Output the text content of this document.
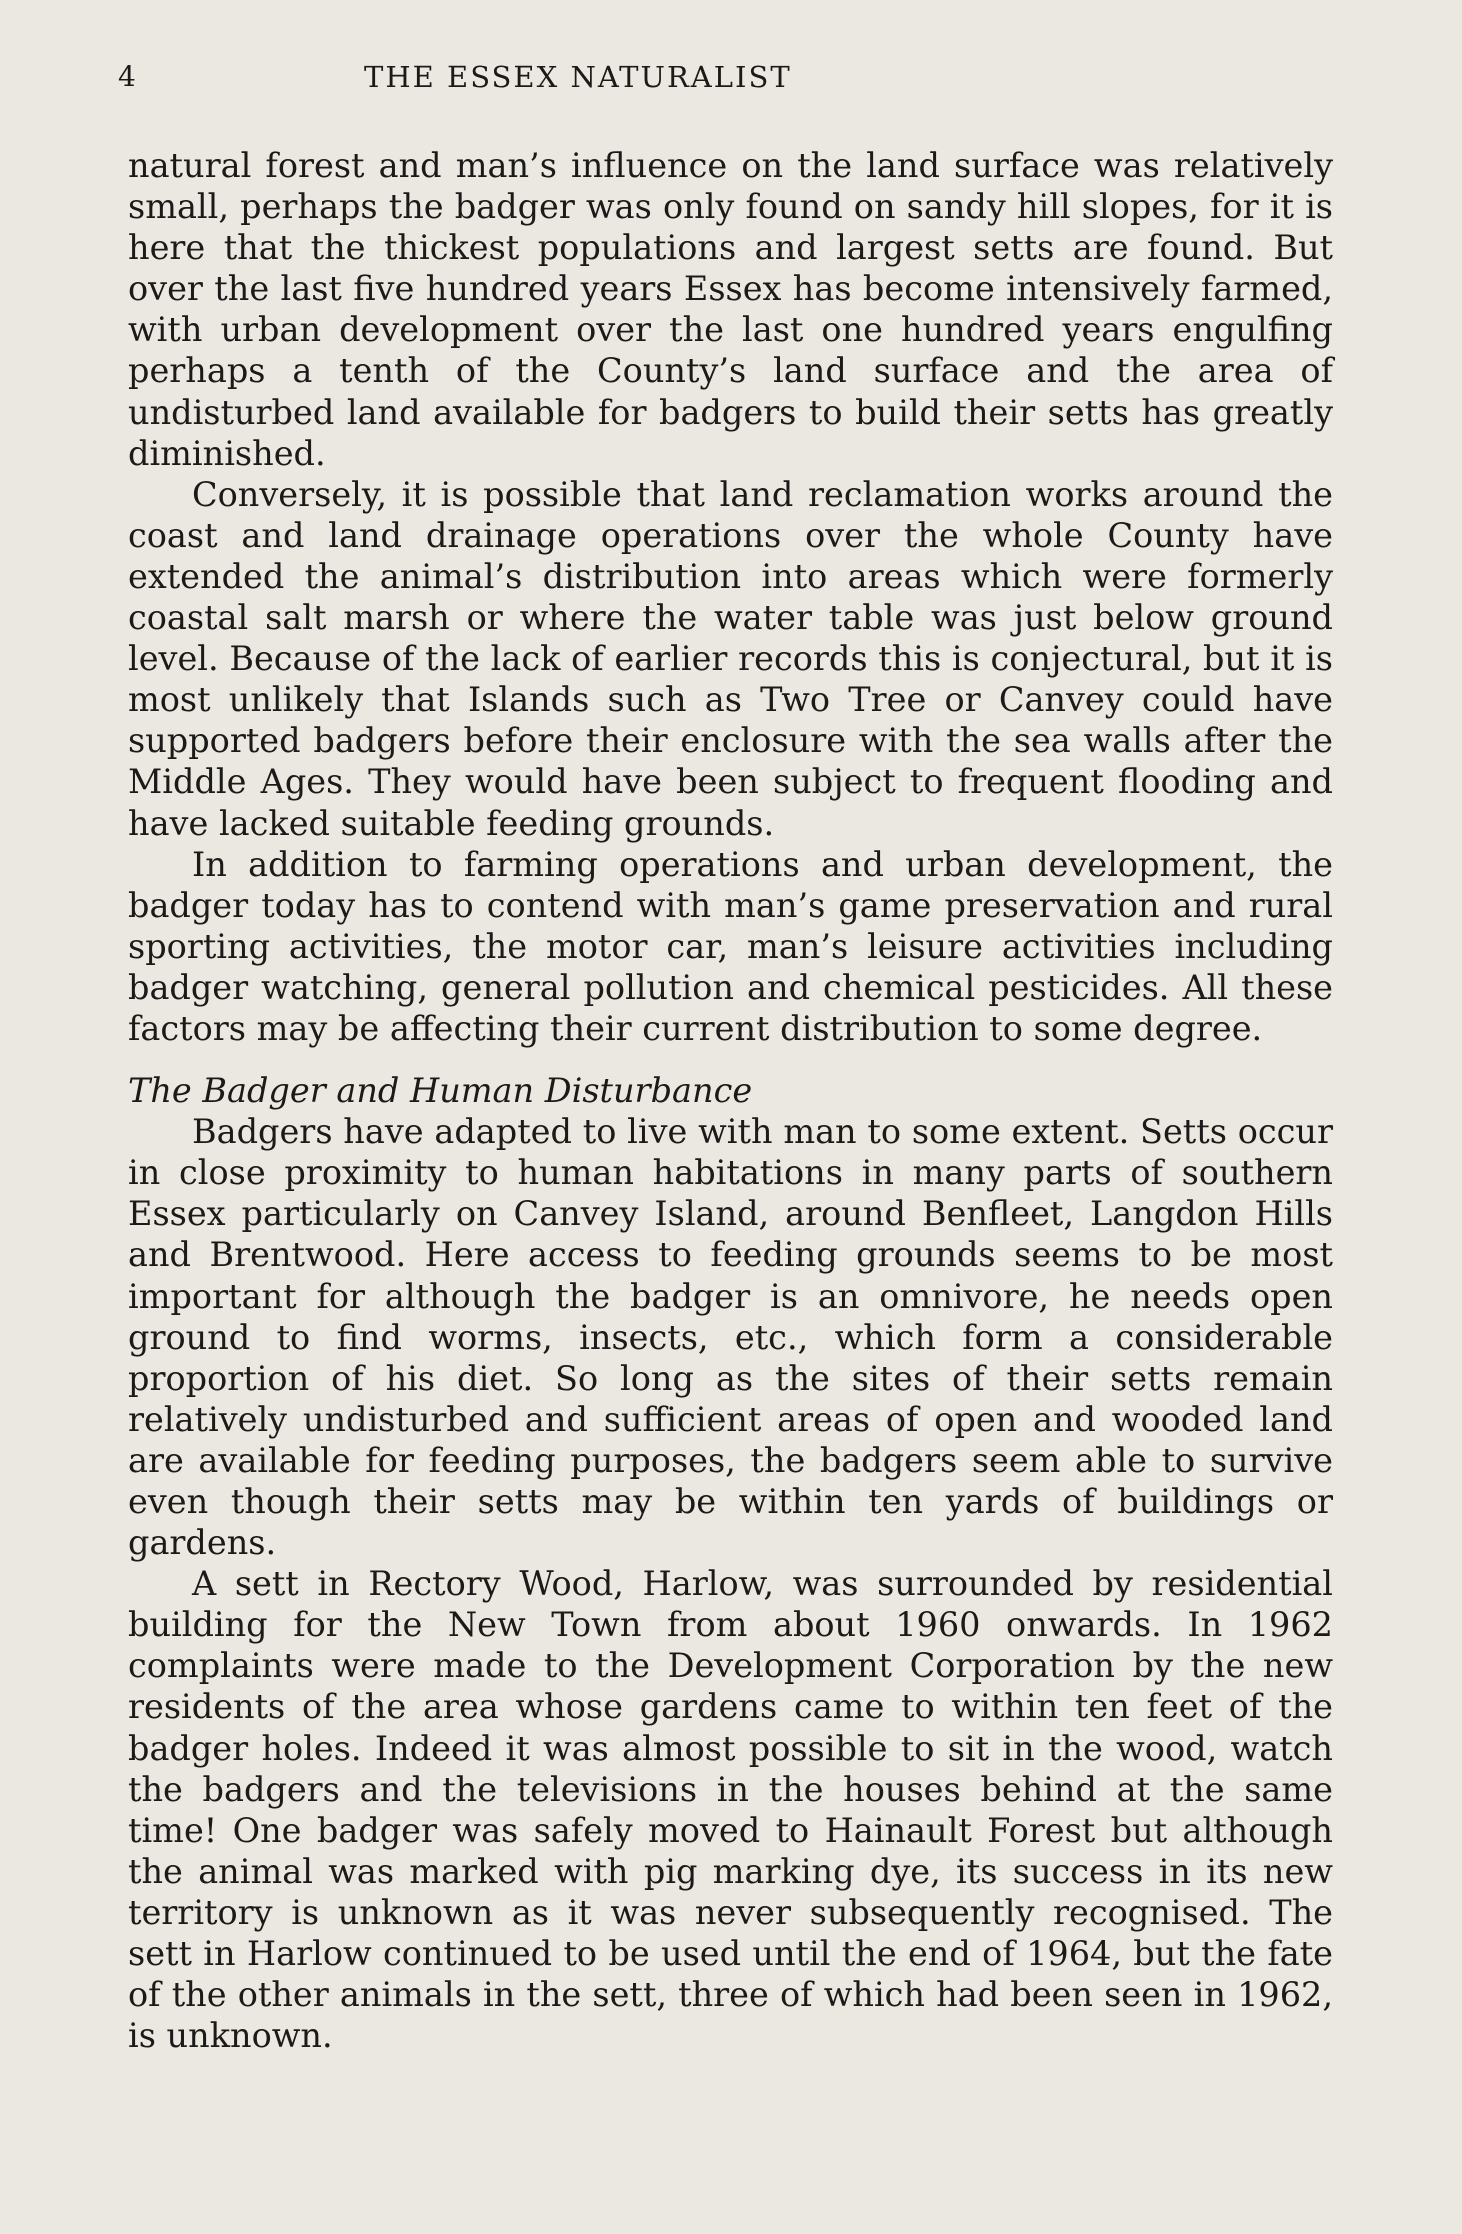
4	THE ESSEX NATURALIST

natural forest and man’s influence on the land surface was relatively small, perhaps the badger was only found on sandy hill slopes, for it is here that the thickest populations and largest setts are found. But over the last five hundred years Essex has become intensively farmed, with urban development over the last one hundred years engulfing perhaps a tenth of the County’s land surface and the area of undisturbed land available for badgers to build their setts has greatly diminished.

Conversely, it is possible that land reclamation works around the coast and land drainage operations over the whole County have extended the animal’s distribution into areas which were formerly coastal salt marsh or where the water table was just below ground level. Because of the lack of earlier records this is conjectural, but it is most unlikely that Islands such as Two Tree or Canvey could have supported badgers before their enclosure with the sea walls after the Middle Ages. They would have been subject to frequent flooding and have lacked suitable feeding grounds.

In addition to farming operations and urban development, the badger today has to contend with man’s game preservation and rural sporting activities, the motor car, man’s leisure activities including badger watching, general pollution and chemical pesticides. All these factors may be affecting their current distribution to some degree.

The Badger and Human Disturbance

Badgers have adapted to live with man to some extent. Setts occur in close proximity to human habitations in many parts of southern Essex particularly on Canvey Island, around Benfleet, Langdon Hills and Brentwood. Here access to feeding grounds seems to be most important for although the badger is an omnivore, he needs open ground to find worms, insects, etc., which form a considerable proportion of his diet. So long as the sites of their setts remain relatively undisturbed and sufficient areas of open and wooded land are available for feeding purposes, the badgers seem able to survive even though their setts may be within ten yards of buildings or gardens.

A sett in Rectory Wood, Harlow, was surrounded by residential building for the New Town from about 1960 onwards. In 1962 complaints were made to the Development Corporation by the new residents of the area whose gardens came to within ten feet of the badger holes. Indeed it was almost possible to sit in the wood, watch the badgers and the televisions in the houses behind at the same time! One badger was safely moved to Hainault Forest but although the animal was marked with pig marking dye, its success in its new territory is unknown as it was never subsequently recognised. The sett in Harlow continued to be used until the end of 1964, but the fate of the other animals in the sett, three of which had been seen in 1962, is unknown.
